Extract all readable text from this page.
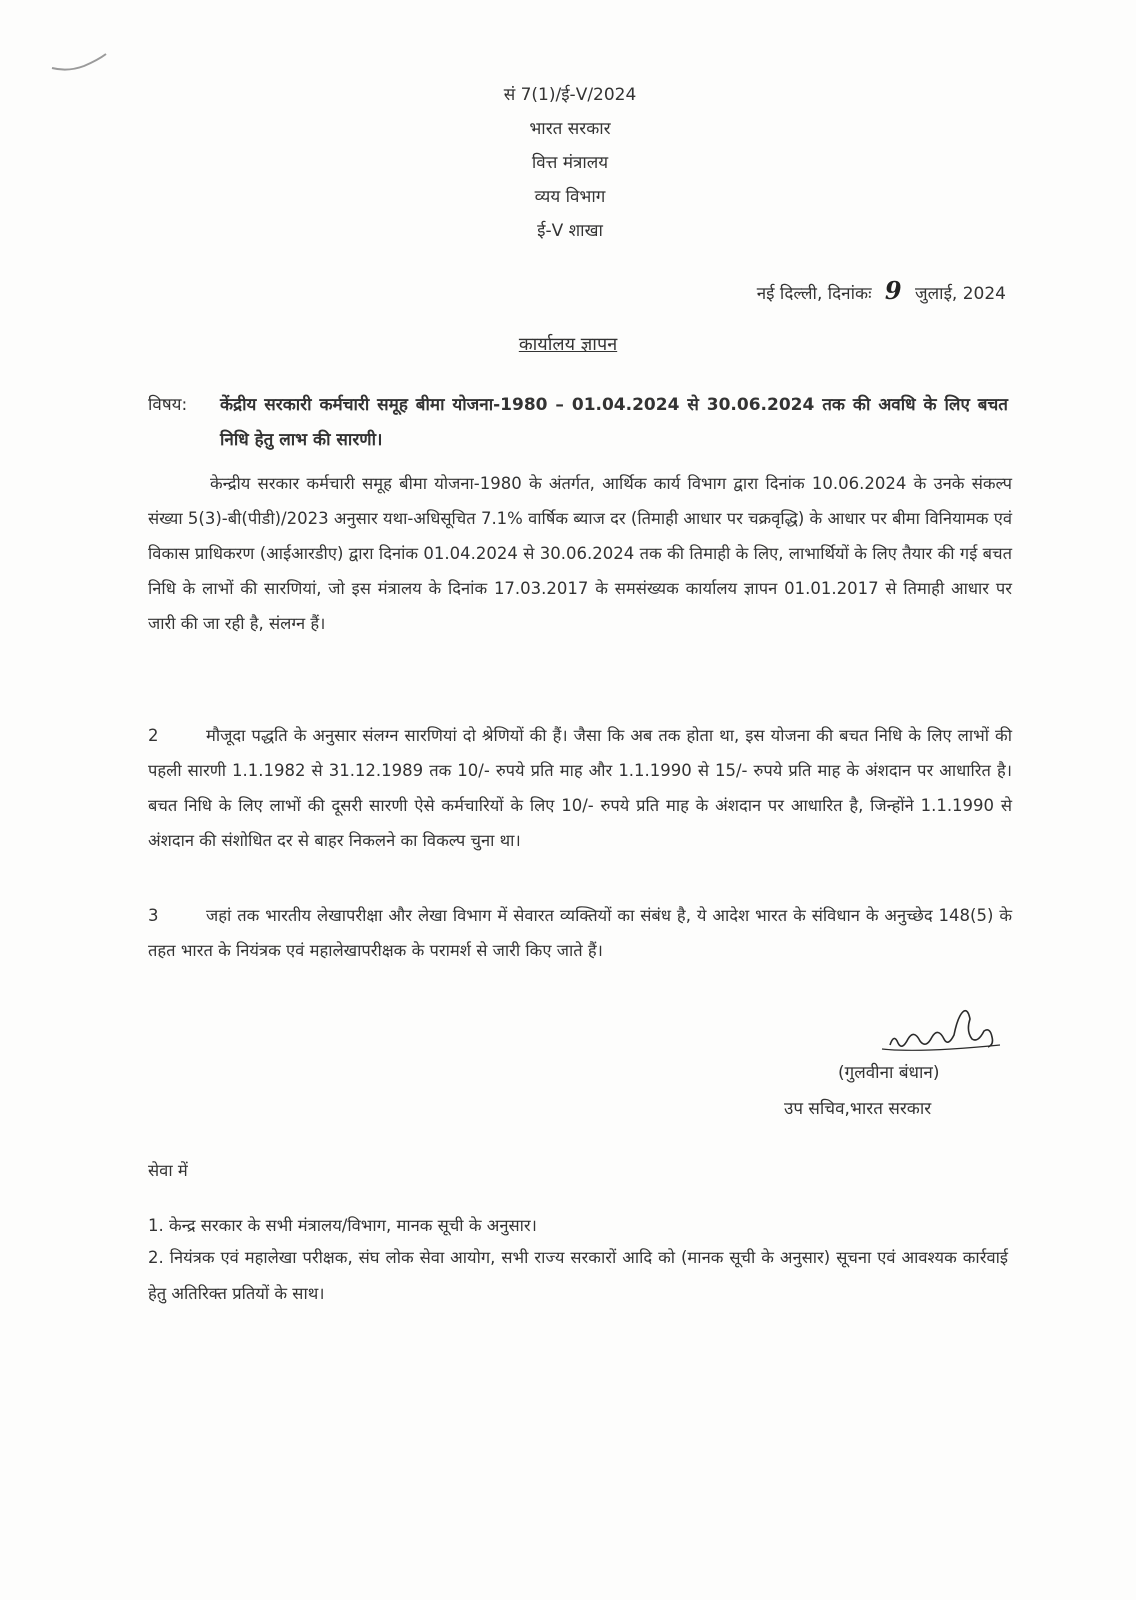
सं 7(1)/ई-V/2024
भारत सरकार
वित्त मंत्रालय
व्यय विभाग
ई-V शाखा
नई दिल्ली, दिनांकः 9 जुलाई, 2024
कार्यालय ज्ञापन
विषय: केंद्रीय सरकारी कर्मचारी समूह बीमा योजना-1980 – 01.04.2024 से 30.06.2024 तक की अवधि के लिए बचत निधि हेतु लाभ की सारणी।
केन्द्रीय सरकार कर्मचारी समूह बीमा योजना-1980 के अंतर्गत, आर्थिक कार्य विभाग द्वारा दिनांक 10.06.2024 के उनके संकल्प संख्या 5(3)-बी(पीडी)/2023 अनुसार यथा-अधिसूचित 7.1% वार्षिक ब्याज दर (तिमाही आधार पर चक्रवृद्धि) के आधार पर बीमा विनियामक एवं विकास प्राधिकरण (आईआरडीए) द्वारा दिनांक 01.04.2024 से 30.06.2024 तक की तिमाही के लिए, लाभार्थियों के लिए तैयार की गई बचत निधि के लाभों की सारणियां, जो इस मंत्रालय के दिनांक 17.03.2017 के समसंख्यक कार्यालय ज्ञापन 01.01.2017 से तिमाही आधार पर जारी की जा रही है, संलग्न हैं।
2	मौजूदा पद्धति के अनुसार संलग्न सारणियां दो श्रेणियों की हैं। जैसा कि अब तक होता था, इस योजना की बचत निधि के लिए लाभों की पहली सारणी 1.1.1982 से 31.12.1989 तक 10/- रुपये प्रति माह और 1.1.1990 से 15/- रुपये प्रति माह के अंशदान पर आधारित है। बचत निधि के लिए लाभों की दूसरी सारणी ऐसे कर्मचारियों के लिए 10/- रुपये प्रति माह के अंशदान पर आधारित है, जिन्होंने 1.1.1990 से अंशदान की संशोधित दर से बाहर निकलने का विकल्प चुना था।
3	जहां तक भारतीय लेखापरीक्षा और लेखा विभाग में सेवारत व्यक्तियों का संबंध है, ये आदेश भारत के संविधान के अनुच्छेद 148(5) के तहत भारत के नियंत्रक एवं महालेखापरीक्षक के परामर्श से जारी किए जाते हैं।
(गुलवीना बंधान)
उप सचिव,भारत सरकार
सेवा में
1. केन्द्र सरकार के सभी मंत्रालय/विभाग, मानक सूची के अनुसार।
2. नियंत्रक एवं महालेखा परीक्षक, संघ लोक सेवा आयोग, सभी राज्य सरकारों आदि को (मानक सूची के अनुसार) सूचना एवं आवश्यक कार्रवाई हेतु अतिरिक्त प्रतियों के साथ।
